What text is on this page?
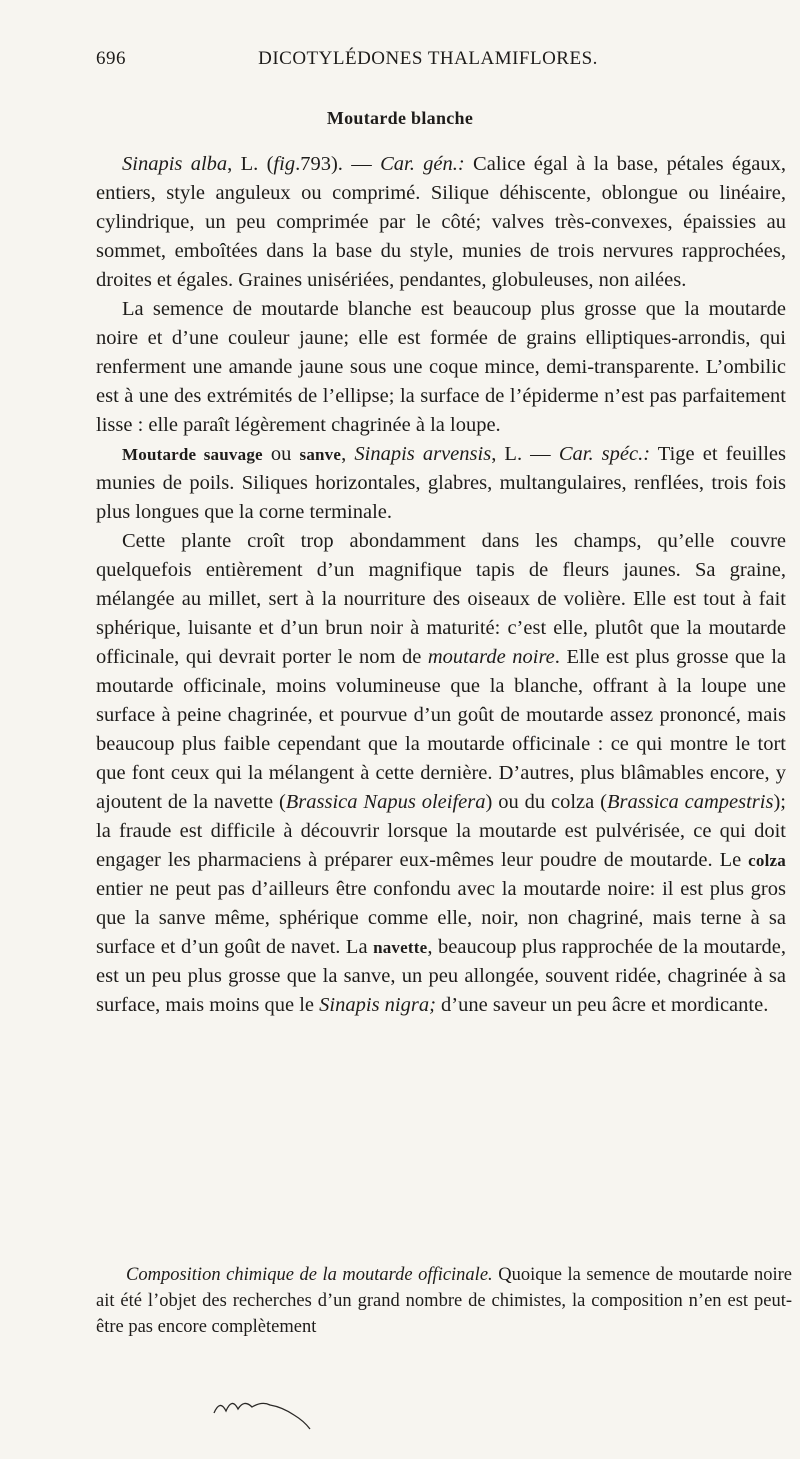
696	DICOTYLÉDONES THALAMIFLORES.
Moutarde blanche

Sinapis alba, L. (fig.793). — Car. gén.: Calice égal à la base, pétales égaux, entiers, style anguleux ou comprimé. Silique déhiscente, oblongue ou linéaire, cylindrique, un peu comprimée par le côté; valves très-convexes, épaissies au sommet, emboîtées dans la base du style, munies de trois nervures rapprochées, droites et égales. Graines unisériées, pendantes, globuleuses, non ailées.

La semence de moutarde blanche est beaucoup plus grosse que la moutarde noire et d’une couleur jaune; elle est formée de grains elliptiques-arrondis, qui renferment une amande jaune sous une coque mince, demi-transparente. L’ombilic est à une des extrémités de l’ellipse; la surface de l’épiderme n’est pas parfaitement lisse : elle paraît légèrement chagrinée à la loupe.

Moutarde sauvage ou sanve, Sinapis arvensis, L. — Car. spéc.: Tige et feuilles munies de poils. Siliques horizontales, glabres, multangulaires, renflées, trois fois plus longues que la corne terminale.

Cette plante croît trop abondamment dans les champs, qu’elle couvre quelquefois entièrement d’un magnifique tapis de fleurs jaunes. Sa graine, mélangée au millet, sert à la nourriture des oiseaux de volière. Elle est tout à fait sphérique, luisante et d’un brun noir à maturité: c’est elle, plutôt que la moutarde officinale, qui devrait porter le nom de moutarde noire. Elle est plus grosse que la moutarde officinale, moins volumineuse que la blanche, offrant à la loupe une surface à peine chagrinée, et pourvue d’un goût de moutarde assez prononcé, mais beaucoup plus faible cependant que la moutarde officinale : ce qui montre le tort que font ceux qui la mélangent à cette dernière. D’autres, plus blâmables encore, y ajoutent de la navette (Brassica Napus oleifera) ou du colza (Brassica campestris); la fraude est difficile à découvrir lorsque la moutarde est pulvérisée, ce qui doit engager les pharmaciens à préparer eux-mêmes leur poudre de moutarde. Le colza entier ne peut pas d’ailleurs être confondu avec la moutarde noire: il est plus gros que la sanve même, sphérique comme elle, noir, non chagriné, mais terne à sa surface et d’un goût de navet. La navette, beaucoup plus rapprochée de la moutarde, est un peu plus grosse que la sanve, un peu allongée, souvent ridée, chagrinée à sa surface, mais moins que le Sinapis nigra; d’une saveur un peu âcre et mordicante.

Composition chimique de la moutarde officinale. Quoique la semence de moutarde noire ait été l’objet des recherches d’un grand nombre de chimistes, la composition n’en est peut-être pas encore complètement
